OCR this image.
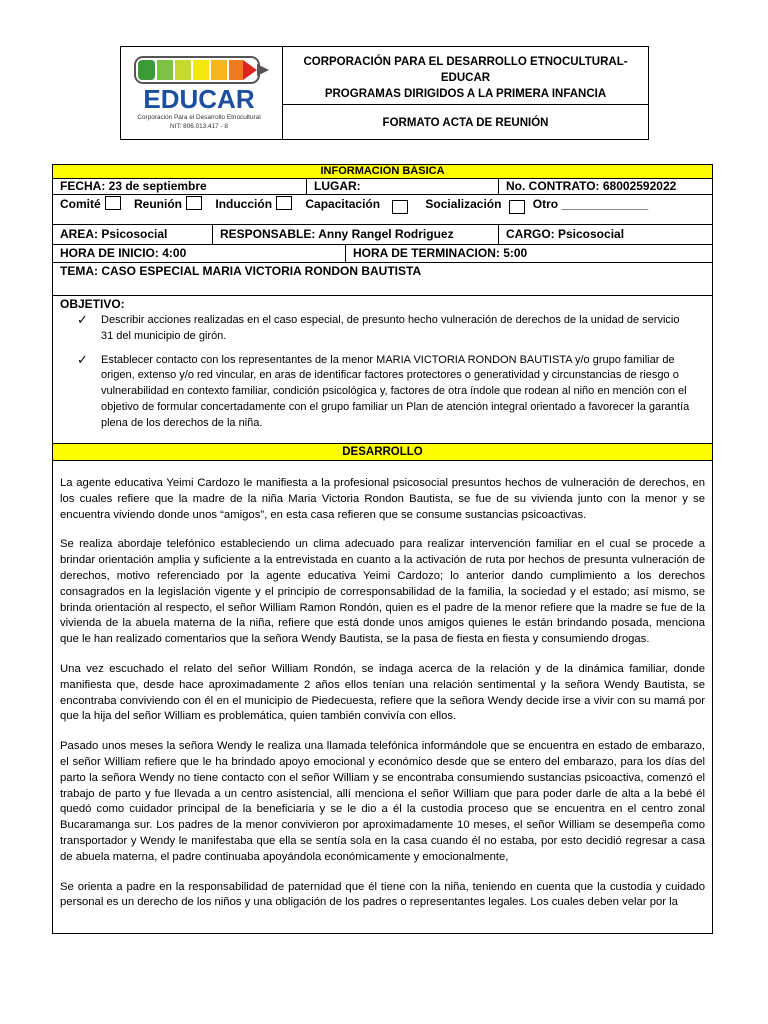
EDUCAR
Corporación Para el Desarrollo Etnocultural
NIT: 806.013.417 - 8
CORPORACIÓN PARA EL DESARROLLO ETNOCULTURAL-
EDUCAR
PROGRAMAS DIRIGIDOS A LA PRIMERA INFANCIA
FORMATO ACTA DE REUNIÓN
INFORMACIÓN BÁSICA
FECHA: 23 de septiembre	LUGAR:	No. CONTRATO: 68002592022
Comité	Reunión	Inducción	Capacitación	Socialización	Otro _____________
AREA: Psicosocial	RESPONSABLE: Anny Rangel Rodriguez	CARGO: Psicosocial
HORA DE INICIO: 4:00	HORA DE TERMINACION: 5:00
TEMA: CASO ESPECIAL MARIA VICTORIA RONDON BAUTISTA
OBJETIVO:
✓ Describir acciones realizadas en el caso especial, de presunto hecho vulneración de derechos de la unidad de servicio 31 del municipio de girón.
✓ Establecer contacto con los representantes de la menor MARIA VICTORIA RONDON BAUTISTA y/o grupo familiar de origen, extenso y/o red vincular, en aras de identificar factores protectores o generatividad y circunstancias de riesgo o vulnerabilidad en contexto familiar, condición psicológica y, factores de otra índole que rodean al niño en mención con el objetivo de formular concertadamente con el grupo familiar un Plan de atención integral orientado a favorecer la garantía plena de los derechos de la niña.
DESARROLLO

La agente educativa Yeimi Cardozo le manifiesta a la profesional psicosocial presuntos hechos de vulneración de derechos, en los cuales refiere que la madre de la niña Maria Victoria Rondon Bautista, se fue de su vivienda junto con la menor y se encuentra viviendo donde unos “amigos”, en esta casa refieren que se consume sustancias psicoactivas.

Se realiza abordaje telefónico estableciendo un clima adecuado para realizar intervención familiar en el cual se procede a brindar orientación amplia y suficiente a la entrevistada en cuanto a la activación de ruta por hechos de presunta vulneración de derechos, motivo referenciado por la agente educativa Yeimi Cardozo; lo anterior dando cumplimiento a los derechos consagrados en la legislación vigente y el principio de corresponsabilidad de la familia, la sociedad y el estado; así mismo, se brinda orientación al respecto, el señor William Ramon Rondón, quien es el padre de la menor refiere que la madre se fue de la vivienda de la abuela materna de la niña, refiere que está donde unos amigos quienes le están brindando posada, menciona que le han realizado comentarios que la señora Wendy Bautista, se la pasa de fiesta en fiesta y consumiendo drogas.

Una vez escuchado el relato del señor William Rondón, se indaga acerca de la relación y de la dinámica familiar, donde manifiesta que, desde hace aproximadamente 2 años ellos tenían una relación sentimental y la señora Wendy Bautista, se encontraba conviviendo con él en el municipio de Piedecuesta, refiere que la señora Wendy decide irse a vivir con su mamá por que la hija del señor William es problemática, quien también convivía con ellos.

Pasado unos meses la señora Wendy le realiza una llamada telefónica informándole que se encuentra en estado de embarazo, el señor William refiere que le ha brindado apoyo emocional y económico desde que se entero del embarazo, para los días del parto la señora Wendy no tiene contacto con el señor William y se encontraba consumiendo sustancias psicoactiva, comenzó el trabajo de parto y fue llevada a un centro asistencial, allí menciona el señor William que para poder darle de alta a la bebé él quedó como cuidador principal de la beneficiaria y se le dio a él la custodia proceso que se encuentra en el centro zonal Bucaramanga sur. Los padres de la menor convivieron por aproximadamente 10 meses, el señor William se desempeña como transportador y Wendy le manifestaba que ella se sentía sola en la casa cuando él no estaba, por esto decidió regresar a casa de abuela materna, el padre continuaba apoyándola económicamente y emocionalmente,

Se orienta a padre en la responsabilidad de paternidad que él tiene con la niña, teniendo en cuenta que la custodia y cuidado personal es un derecho de los niños y una obligación de los padres o representantes legales. Los cuales deben velar por la
